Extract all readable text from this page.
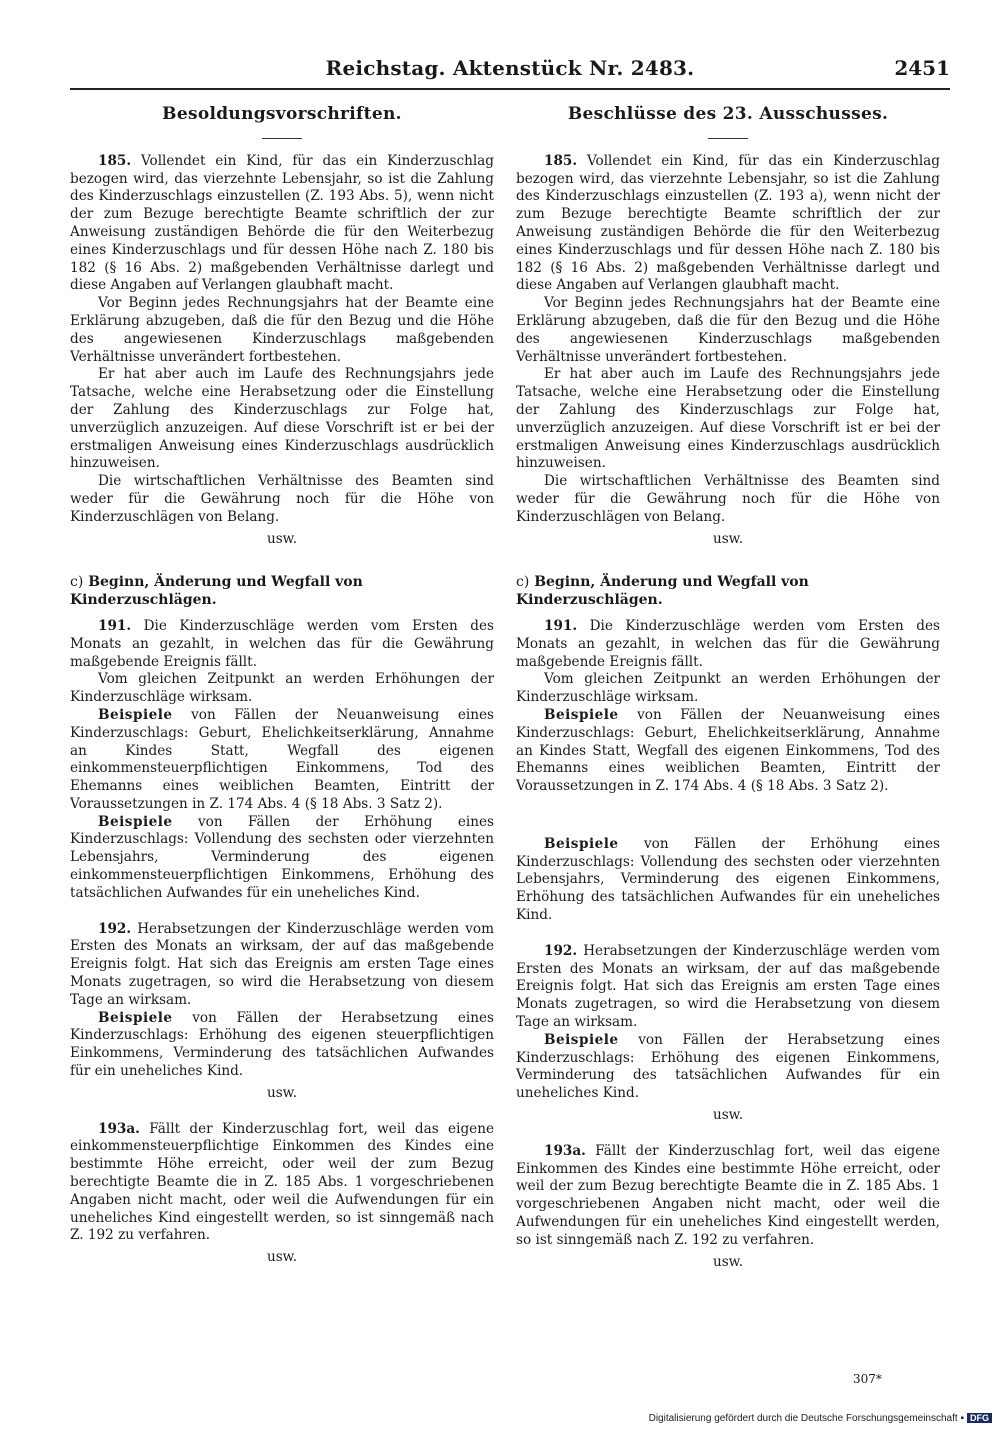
Reichstag. Aktenstück Nr. 2483.	2451
Besoldungsvorschriften.

185. Vollendet ein Kind, für das ein Kinderzuschlag bezogen wird, das vierzehnte Lebensjahr, so ist die Zahlung des Kinderzuschlags einzustellen (Z. 193 Abs. 5), wenn nicht der zum Bezuge berechtigte Beamte schriftlich der zur Anweisung zuständigen Behörde die für den Weiterbezug eines Kinderzuschlags und für dessen Höhe nach Z. 180 bis 182 (§ 16 Abs. 2) maßgebenden Verhältnisse darlegt und diese Angaben auf Verlangen glaubhaft macht.

Vor Beginn jedes Rechnungsjahrs hat der Beamte eine Erklärung abzugeben, daß die für den Bezug und die Höhe des angewiesenen Kinderzuschlags maßgebenden Verhältnisse unverändert fortbestehen.

Er hat aber auch im Laufe des Rechnungsjahrs jede Tatsache, welche eine Herabsetzung oder die Einstellung der Zahlung des Kinderzuschlags zur Folge hat, unverzüglich anzuzeigen. Auf diese Vorschrift ist er bei der erstmaligen Anweisung eines Kinderzuschlags ausdrücklich hinzuweisen.

Die wirtschaftlichen Verhältnisse des Beamten sind weder für die Gewährung noch für die Höhe von Kinderzuschlägen von Belang.

usw.
c) Beginn, Änderung und Wegfall von Kinderzuschlägen.

191. Die Kinderzuschläge werden vom Ersten des Monats an gezahlt, in welchen das für die Gewährung maßgebende Ereignis fällt.

Vom gleichen Zeitpunkt an werden Erhöhungen der Kinderzuschläge wirksam.

Beispiele von Fällen der Neuanweisung eines Kinderzuschlags: Geburt, Ehelichkeitserklärung, Annahme an Kindes Statt, Wegfall des eigenen einkommensteuerpflichtigen Einkommens, Tod des Ehemanns eines weiblichen Beamten, Eintritt der Voraussetzungen in Z. 174 Abs. 4 (§ 18 Abs. 3 Satz 2).

Beispiele von Fällen der Erhöhung eines Kinderzuschlags: Vollendung des sechsten oder vierzehnten Lebensjahrs, Verminderung des eigenen einkommensteuerpflichtigen Einkommens, Erhöhung des tatsächlichen Aufwandes für ein uneheliches Kind.

192. Herabsetzungen der Kinderzuschläge werden vom Ersten des Monats an wirksam, der auf das maßgebende Ereignis folgt. Hat sich das Ereignis am ersten Tage eines Monats zugetragen, so wird die Herabsetzung von diesem Tage an wirksam.

Beispiele von Fällen der Herabsetzung eines Kinderzuschlags: Erhöhung des eigenen steuerpflichtigen Einkommens, Verminderung des tatsächlichen Aufwandes für ein uneheliches Kind.

usw.

193a. Fällt der Kinderzuschlag fort, weil das eigene einkommensteuerpflichtige Einkommen des Kindes eine bestimmte Höhe erreicht, oder weil der zum Bezug berechtigte Beamte die in Z. 185 Abs. 1 vorgeschriebenen Angaben nicht macht, oder weil die Aufwendungen für ein uneheliches Kind eingestellt werden, so ist sinngemäß nach Z. 192 zu verfahren.

usw.
Beschlüsse des 23. Ausschusses.

185. Vollendet ein Kind, für das ein Kinderzuschlag bezogen wird, das vierzehnte Lebensjahr, so ist die Zahlung des Kinderzuschlags einzustellen (Z. 193 a), wenn nicht der zum Bezuge berechtigte Beamte schriftlich der zur Anweisung zuständigen Behörde die für den Weiterbezug eines Kinderzuschlags und für dessen Höhe nach Z. 180 bis 182 (§ 16 Abs. 2) maßgebenden Verhältnisse darlegt und diese Angaben auf Verlangen glaubhaft macht.

Vor Beginn jedes Rechnungsjahrs hat der Beamte eine Erklärung abzugeben, daß die für den Bezug und die Höhe des angewiesenen Kinderzuschlags maßgebenden Verhältnisse unverändert fortbestehen.

Er hat aber auch im Laufe des Rechnungsjahrs jede Tatsache, welche eine Herabsetzung oder die Einstellung der Zahlung des Kinderzuschlags zur Folge hat, unverzüglich anzuzeigen. Auf diese Vorschrift ist er bei der erstmaligen Anweisung eines Kinderzuschlags ausdrücklich hinzuweisen.

Die wirtschaftlichen Verhältnisse des Beamten sind weder für die Gewährung noch für die Höhe von Kinderzuschlägen von Belang.

usw.
c) Beginn, Änderung und Wegfall von Kinderzuschlägen.

191. Die Kinderzuschläge werden vom Ersten des Monats an gezahlt, in welchen das für die Gewährung maßgebende Ereignis fällt.

Vom gleichen Zeitpunkt an werden Erhöhungen der Kinderzuschläge wirksam.

Beispiele von Fällen der Neuanweisung eines Kinderzuschlags: Geburt, Ehelichkeitserklärung, Annahme an Kindes Statt, Wegfall des eigenen Einkommens, Tod des Ehemanns eines weiblichen Beamten, Eintritt der Voraussetzungen in Z. 174 Abs. 4 (§ 18 Abs. 3 Satz 2).

Beispiele von Fällen der Erhöhung eines Kinderzuschlags: Vollendung des sechsten oder vierzehnten Lebensjahrs, Verminderung des eigenen Einkommens, Erhöhung des tatsächlichen Aufwandes für ein uneheliches Kind.

192. Herabsetzungen der Kinderzuschläge werden vom Ersten des Monats an wirksam, der auf das maßgebende Ereignis folgt. Hat sich das Ereignis am ersten Tage eines Monats zugetragen, so wird die Herabsetzung von diesem Tage an wirksam.

Beispiele von Fällen der Herabsetzung eines Kinderzuschlags: Erhöhung des eigenen Einkommens, Verminderung des tatsächlichen Aufwandes für ein uneheliches Kind.

usw.

193a. Fällt der Kinderzuschlag fort, weil das eigene Einkommen des Kindes eine bestimmte Höhe erreicht, oder weil der zum Bezug berechtigte Beamte die in Z. 185 Abs. 1 vorgeschriebenen Angaben nicht macht, oder weil die Aufwendungen für ein uneheliches Kind eingestellt werden, so ist sinngemäß nach Z. 192 zu verfahren.

usw.
307*
Digitalisierung gefördert durch die Deutsche Forschungsgemeinschaft ▪ DFG
